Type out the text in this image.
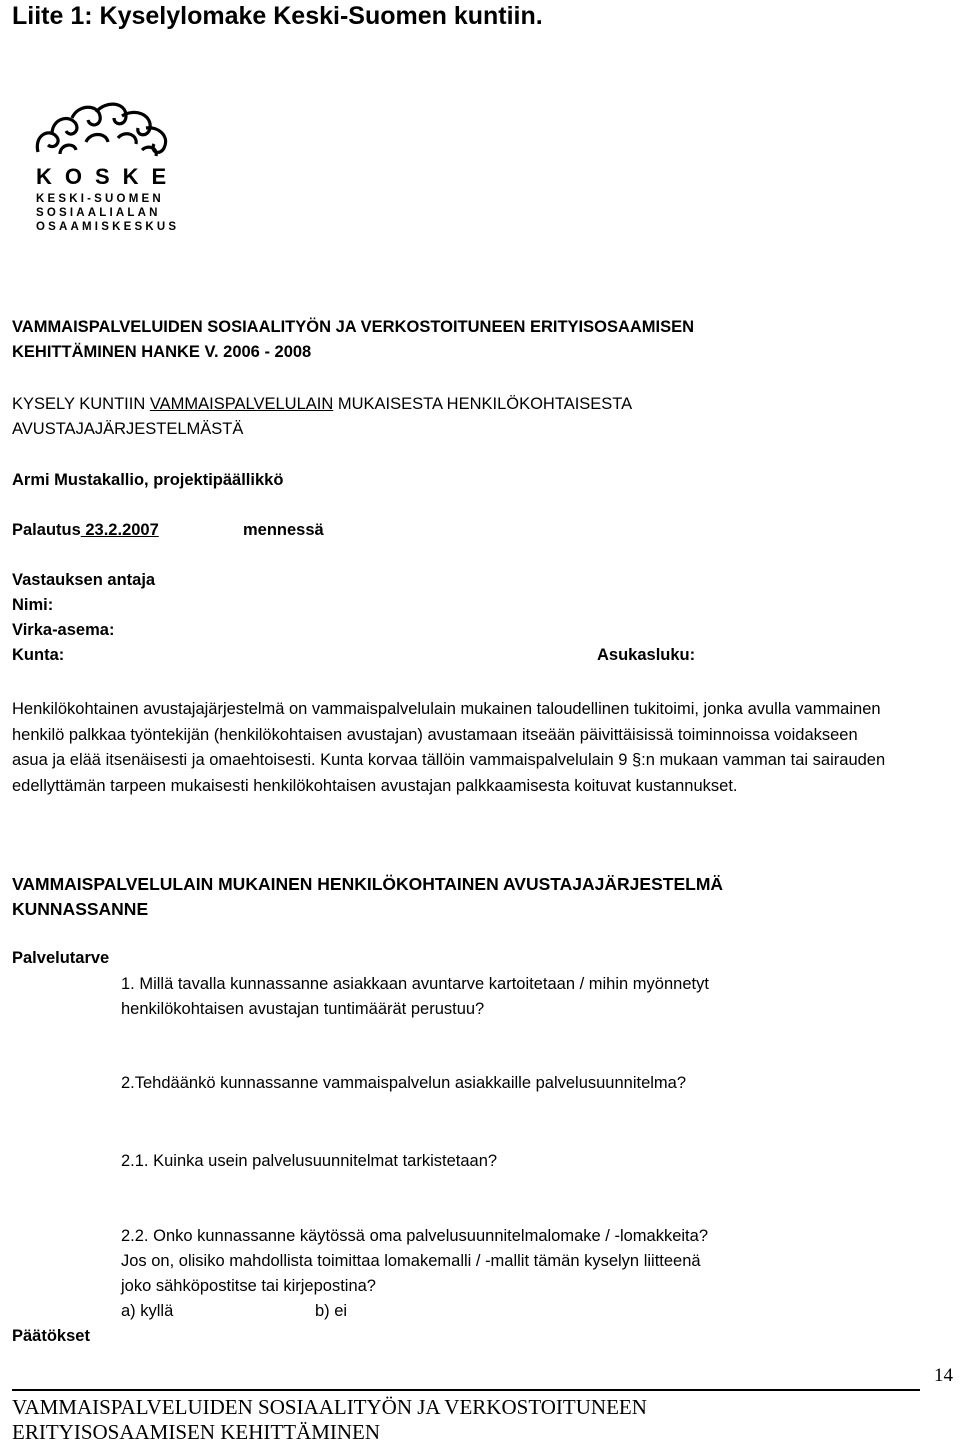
Liite 1: Kyselylomake Keski-Suomen kuntiin.
KOSKE
KESKI-SUOMEN
SOSIAALIALAN
OSAAMISKESKUS
VAMMAISPALVELUIDEN SOSIAALITYÖN JA VERKOSTOITUNEEN ERITYISOSAAMISEN
KEHITTÄMINEN HANKE V. 2006 - 2008
KYSELY KUNTIIN VAMMAISPALVELULAIN MUKAISESTA HENKILÖKOHTAISESTA
AVUSTAJAJÄRJESTELMÄSTÄ
Armi Mustakallio, projektipäällikkö
Palautus 23.2.2007	mennessä
Vastauksen antaja
Nimi:
Virka-asema:
Kunta:	Asukasluku:
Henkilökohtainen avustajajärjestelmä on vammaispalvelulain mukainen taloudellinen tukitoimi, jonka avulla vammainen henkilö palkkaa työntekijän (henkilökohtaisen avustajan) avustamaan itseään päivittäisissä toiminnoissa voidakseen asua ja elää itsenäisesti ja omaehtoisesti. Kunta korvaa tällöin vammaispalvelulain 9 §:n mukaan vamman tai sairauden edellyttämän tarpeen mukaisesti henkilökohtaisen avustajan palkkaamisesta koituvat kustannukset.
VAMMAISPALVELULAIN MUKAINEN HENKILÖKOHTAINEN AVUSTAJAJÄRJESTELMÄ
KUNNASSANNE
Palvelutarve
1. Millä tavalla kunnassanne asiakkaan avuntarve kartoitetaan / mihin myönnetyt
henkilökohtaisen avustajan tuntimäärät perustuu?
2.Tehdäänkö kunnassanne vammaispalvelun asiakkaille palvelusuunnitelma?
2.1. Kuinka usein palvelusuunnitelmat tarkistetaan?
2.2. Onko kunnassanne käytössä oma palvelusuunnitelmalomake / -lomakkeita?
Jos on, olisiko mahdollista toimittaa lomakemalli / -mallit tämän kyselyn liitteenä
joko sähköpostitse tai kirjepostina?
a) kyllä	b) ei
Päätökset
14
VAMMAISPALVELUIDEN SOSIAALITYÖN JA VERKOSTOITUNEEN
ERITYISOSAAMISEN KEHITTÄMINEN
